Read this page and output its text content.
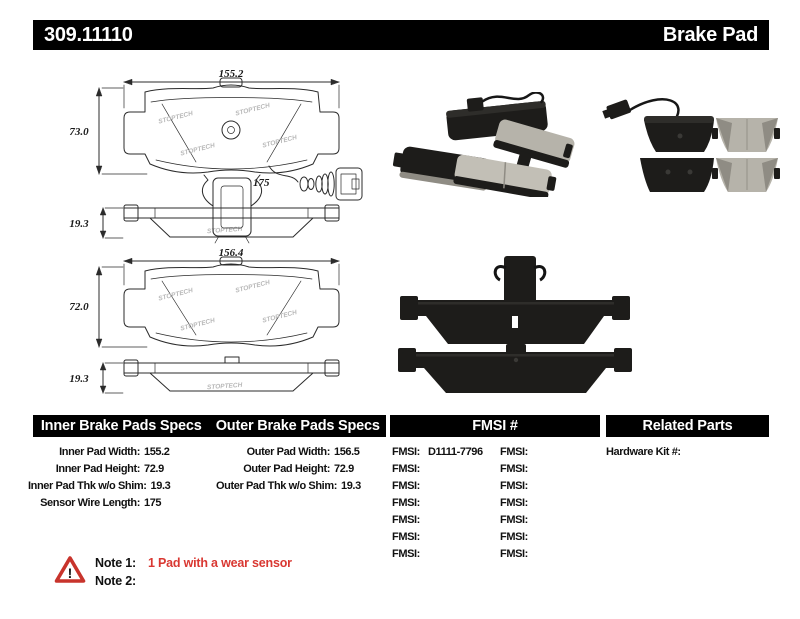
309.11110	Brake Pad
155.2
73.0
STOPTECH
STOPTECH
STOPTECH
STOPTECH
175
STOPTECH
19.3
156.4
72.0
STOPTECH
STOPTECH
STOPTECH
STOPTECH
STOPTECH
19.3
Inner Brake Pads Specs Outer Brake Pads Specs	FMSI #	Related Parts
Inner Pad Width: 155.2
Inner Pad Height: 72.9
Inner Pad Thk w/o Shim: 19.3
Sensor Wire Length: 175
Outer Pad Width: 156.5
Outer Pad Height: 72.9
Outer Pad Thk w/o Shim: 19.3
FMSI: D1111-7796	FMSI:
FMSI:	FMSI:
FMSI:	FMSI:
FMSI:	FMSI:
FMSI:	FMSI:
FMSI:	FMSI:
FMSI:	FMSI:
Hardware Kit #:
!
Note 1: 1 Pad with a wear sensor
Note 2:
